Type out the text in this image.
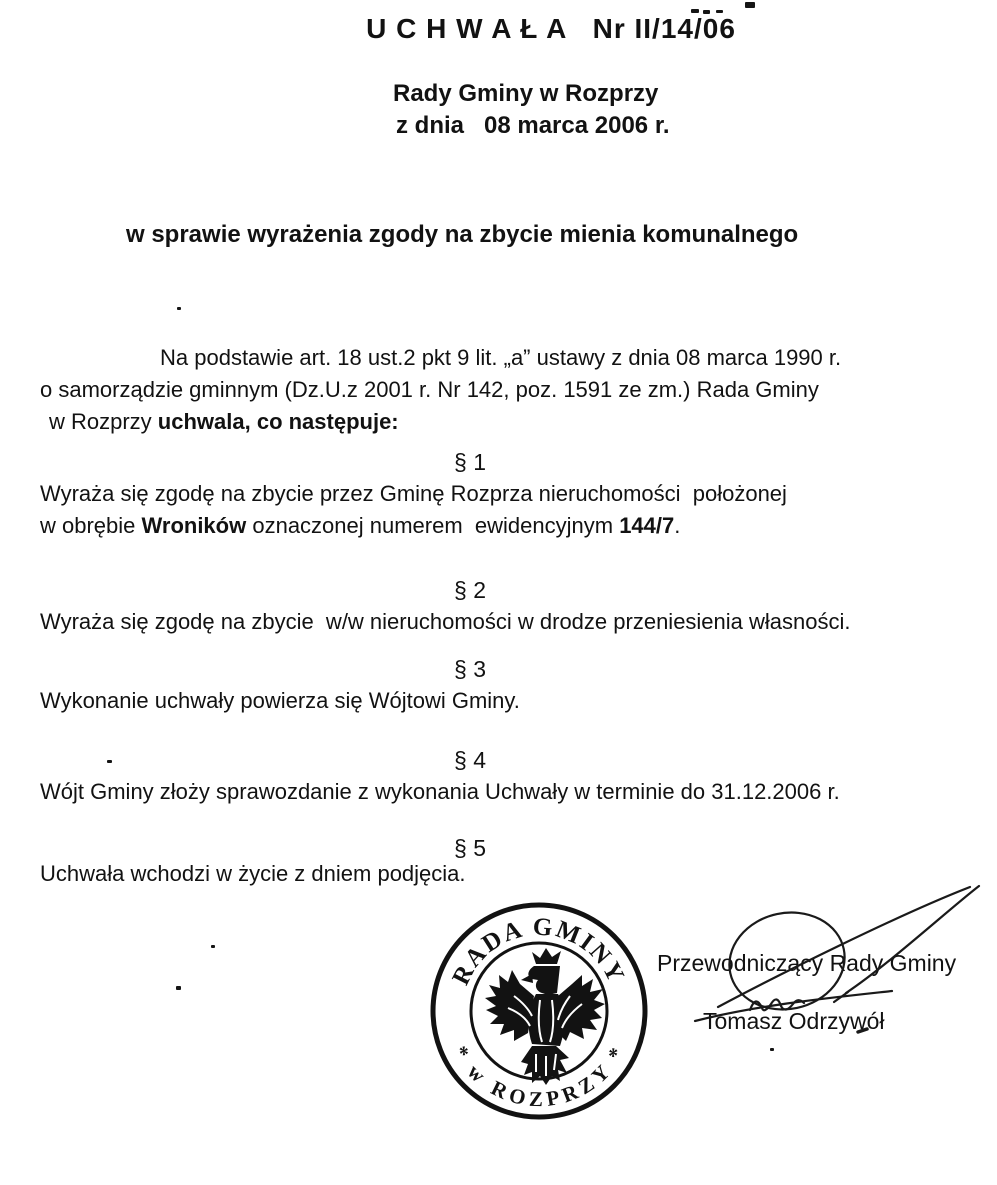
U C H W A Ł A   Nr II/14/06
Rady Gminy w Rozprzy
z dnia   08 marca 2006 r.
w sprawie wyrażenia zgody na zbycie mienia komunalnego
Na podstawie art. 18 ust.2 pkt 9 lit. „a” ustawy z dnia 08 marca 1990 r.
o samorządzie gminnym (Dz.U.z 2001 r. Nr 142, poz. 1591 ze zm.) Rada Gminy
w Rozprzy uchwala, co następuje:
§ 1
Wyraża się zgodę na zbycie przez Gminę Rozprza nieruchomości  położonej
w obrębie Wroników oznaczonej numerem  ewidencyjnym 144/7.
§ 2
Wyraża się zgodę na zbycie  w/w nieruchomości w drodze przeniesienia własności.
§ 3
Wykonanie uchwały powierza się Wójtowi Gminy.
§ 4
Wójt Gminy złoży sprawozdanie z wykonania Uchwały w terminie do 31.12.2006 r.
§ 5
Uchwała wchodzi w życie z dniem podjęcia.
RADA GMINY
* w ROZPRZY *
Przewodniczący Rady Gminy
Tomasz Odrzywół
